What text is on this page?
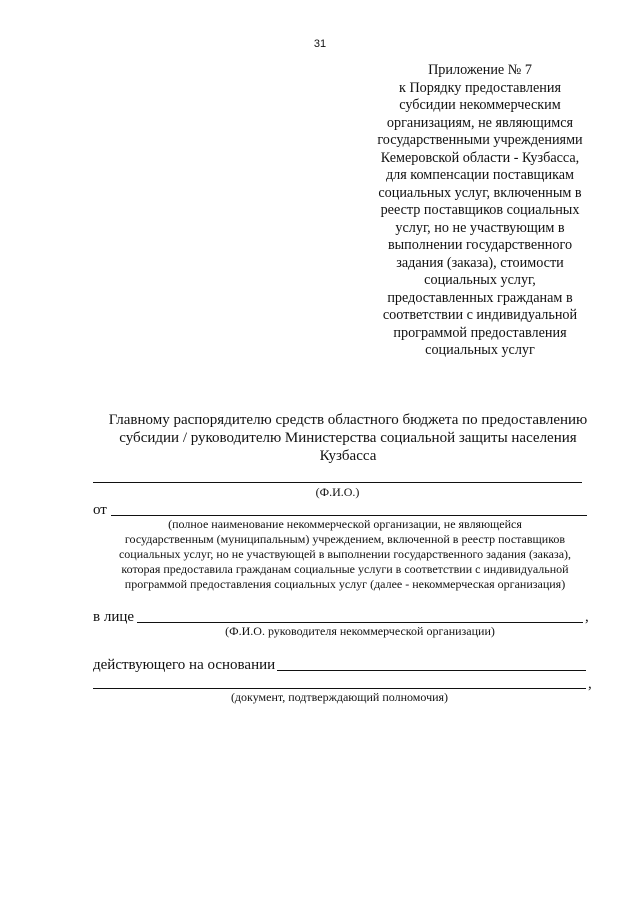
31
Приложение № 7
к Порядку предоставления
субсидии некоммерческим
организациям, не являющимся
государственными учреждениями
Кемеровской области - Кузбасса,
для компенсации поставщикам
социальных услуг, включенным в
реестр поставщиков социальных
услуг, но не участвующим в
выполнении государственного
задания (заказа), стоимости
социальных услуг,
предоставленных гражданам в
соответствии с индивидуальной
программой предоставления
социальных услуг
Главному распорядителю средств областного бюджета по предоставлению
субсидии / руководителю Министерства социальной защиты населения
Кузбасса
(Ф.И.О.)
от
(полное наименование некоммерческой организации, не являющейся
государственным (муниципальным) учреждением, включенной в реестр поставщиков
социальных услуг, но не участвующей в выполнении государственного задания (заказа),
которая предоставила гражданам социальные услуги в соответствии с индивидуальной
программой предоставления социальных услуг (далее - некоммерческая организация)
в лице	,
(Ф.И.О. руководителя некоммерческой организации)
действующего на основании
,
(документ, подтверждающий полномочия)
